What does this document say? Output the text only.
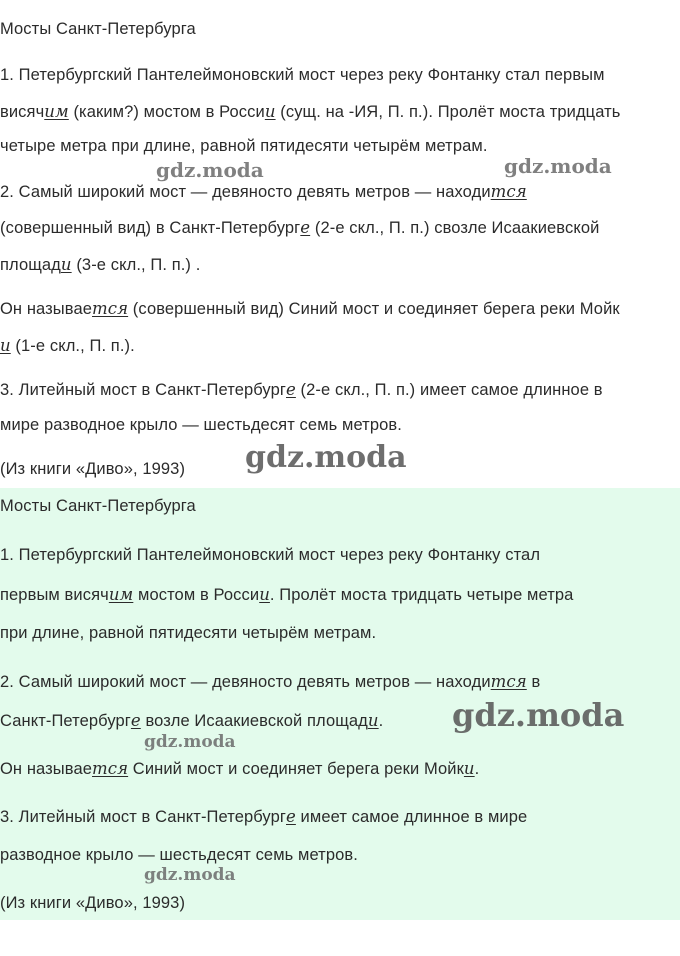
Мосты Санкт-Петербурга
1. Петербургский Пантелеймоновский мост через реку Фонтанку стал первым
висячим (каким?) мостом в России (сущ. на -ИЯ, П. п.). Пролёт моста тридцать
четыре метра при длине, равной пятидесяти четырём метрам.
2. Самый широкий мост — девяносто девять метров — находится
(совершенный вид) в Санкт-Петербурге (2-е скл., П. п.) свозле Исаакиевской
площади (3-е скл., П. п.) .
Он называется (совершенный вид) Синий мост и соединяет берега реки Мойк
и (1-е скл., П. п.).
3. Литейный мост в Санкт-Петербурге (2-е скл., П. п.) имеет самое длинное в
мире разводное крыло — шестьдесят семь метров.
(Из книги «Диво», 1993)
Мосты Санкт-Петербурга
1. Петербургский Пантелеймоновский мост через реку Фонтанку стал
первым висячим мостом в России. Пролёт моста тридцать четыре метра
при длине, равной пятидесяти четырём метрам.
2. Самый широкий мост — девяносто девять метров — находится в
Санкт-Петербурге возле Исаакиевской площади.
Он называется Синий мост и соединяет берега реки Мойки.
3. Литейный мост в Санкт-Петербурге имеет самое длинное в мире
разводное крыло — шестьдесят семь метров.
(Из книги «Диво», 1993)
gdz.moda	gdz.moda
gdz.moda
gdz.moda
gdz.moda
gdz.moda
